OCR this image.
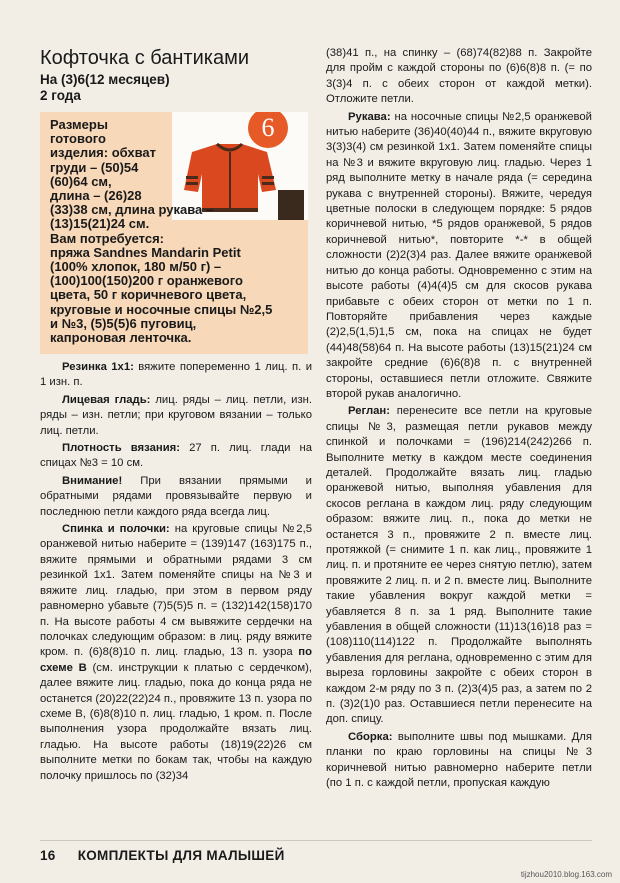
Кофточка с бантиками

На (3)6(12 месяцев)

2 года

6
Размеры
готового
изделия: обхват
груди – (50)54
(60)64 см,
длина – (26)28
(33)38 см, длина рукава –
(13)15(21)24 см.
Вам потребуется:
пряжа Sandnes Mandarin Petit
(100% хлопок, 180 м/50 г) –
(100)100(150)200 г оранжевого
цвета, 50 г коричневого цвета,
круговые и носочные спицы №2,5
и №3, (5)5(5)6 пуговиц,
капроновая ленточка.

Резинка 1х1: вяжите попеременно 1 лиц. п. и 1 изн. п.

Лицевая гладь: лиц. ряды – лиц. петли, изн. ряды – изн. петли; при круговом вязании – только лиц. петли.

Плотность вязания: 27 п. лиц. глади на спицах №3 = 10 см.

Внимание! При вязании прямыми и обратными рядами провязывайте первую и последнюю петли каждого ряда всегда лиц.

Спинка и полочки: на круговые спицы №2,5 оранжевой нитью наберите = (139)147 (163)175 п., вяжите прямыми и обратными рядами 3 см резинкой 1х1. Затем поменяйте спицы на №3 и вяжите лиц. гладью, при этом в первом ряду равномерно убавьте (7)5(5)5 п. = (132)142(158)170 п. На высоте работы 4 см вывяжите сердечки на полочках следующим образом: в лиц. ряду вяжите кром. п. (6)8(8)10 п. лиц. гладью, 13 п. узора по схеме В (см. инструкции к платью с сердечком), далее вяжите лиц. гладью, пока до конца ряда не останется (20)22(22)24 п., провяжите 13 п. узора по схеме В, (6)8(8)10 п. лиц. гладью, 1 кром. п. После выполнения узора продолжайте вязать лиц. гладью. На высоте работы (18)19(22)26 см выполните метки по бокам так, чтобы на каждую полочку пришлось по (32)34

(38)41 п., на спинку – (68)74(82)88 п. Закройте для пройм с каждой стороны по (6)6(8)8 п. (= по 3(3)4 п. с обеих сторон от каждой метки). Отложите петли.

Рукава: на носочные спицы №2,5 оранжевой нитью наберите (36)40(40)44 п., вяжите вкруговую 3(3)3(4) см резинкой 1х1. Затем поменяйте спицы на №3 и вяжите вкруговую лиц. гладью. Через 1 ряд выполните метку в начале ряда (= середина рукава с внутренней стороны). Вяжите, чередуя цветные полоски в следующем порядке: 5 рядов коричневой нитью, *5 рядов оранжевой, 5 рядов коричневой нитью*, повторите *-* в общей сложности (2)2(3)4 раз. Далее вяжите оранжевой нитью до конца работы. Одновременно с этим на высоте работы (4)4(4)5 см для скосов рукава прибавьте с обеих сторон от метки по 1 п. Повторяйте прибавления через каждые (2)2,5(1,5)1,5 см, пока на спицах не будет (44)48(58)64 п. На высоте работы (13)15(21)24 см закройте средние (6)6(8)8 п. с внутренней стороны, оставшиеся петли отложите. Свяжите второй рукав аналогично.

Реглан: перенесите все петли на круговые спицы №3, размещая петли рукавов между спинкой и полочками = (196)214(242)266 п. Выполните метку в каждом месте соединения деталей. Продолжайте вязать лиц. гладью оранжевой нитью, выполняя убавления для скосов реглана в каждом лиц. ряду следующим образом: вяжите лиц. п., пока до метки не останется 3 п., провяжите 2 п. вместе лиц. протяжкой (= снимите 1 п. как лиц., провяжите 1 лиц. п. и протяните ее через снятую петлю), затем провяжите 2 лиц. п. и 2 п. вместе лиц. Выполните такие убавления вокруг каждой метки = убавляется 8 п. за 1 ряд. Выполните такие убавления в общей сложности (11)13(16)18 раз = (108)110(114)122 п. Продолжайте выполнять убавления для реглана, одновременно с этим для выреза горловины закройте с обеих сторон в каждом 2-м ряду по 3 п. (2)3(4)5 раз, а затем по 2 п. (3)2(1)0 раз. Оставшиеся петли перенесите на доп. спицу.

Сборка: выполните швы под мышками. Для планки по краю горловины на спицы №3 коричневой нитью равномерно наберите петли (по 1 п. с каждой петли, пропуская каждую

16 КОМПЛЕКТЫ ДЛЯ МАЛЫШЕЙ
tijzhou2010.blog.163.com
